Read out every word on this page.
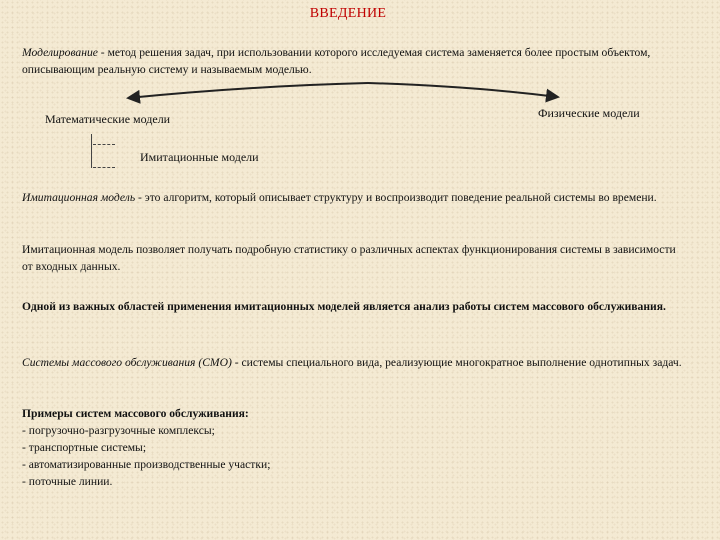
ВВЕДЕНИЕ

Моделирование - метод решения задач, при использовании которого исследуемая система заменяется более простым объектом, описывающим реальную систему и называемым моделью.

Математические модели	Физические модели
Имитационные модели

Имитационная модель - это алгоритм, который описывает структуру и воспроизводит поведение реальной системы во времени.

Имитационная модель позволяет получать подробную статистику о различных аспектах функционирования системы в зависимости от входных данных.

Одной из важных областей применения имитационных моделей является анализ работы систем массового обслуживания.

Системы массового обслуживания (СМО) - системы специального вида, реализующие многократное выполнение однотипных задач.

Примеры систем массового обслуживания:
- погрузочно-разгрузочные комплексы;
- транспортные системы;
- автоматизированные производственные участки;
- поточные линии.
